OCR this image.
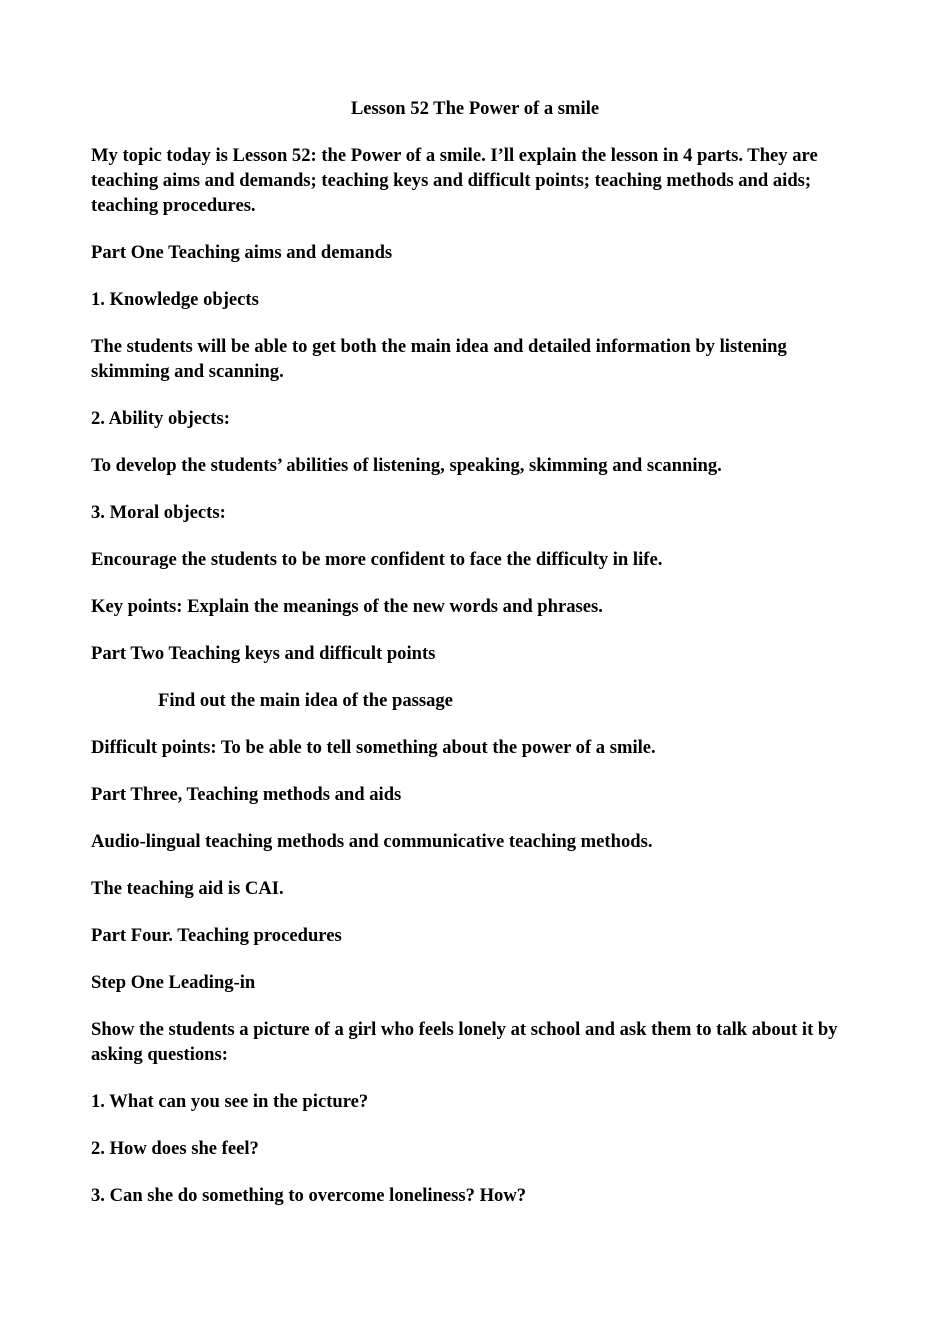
Lesson 52 The Power of a smile

My topic today is Lesson 52: the Power of a smile. I’ll explain the lesson in 4 parts. They are teaching aims and demands; teaching keys and difficult points; teaching methods and aids; teaching procedures.

Part One Teaching aims and demands

1. Knowledge objects

The students will be able to get both the main idea and detailed information by listening skimming and scanning.

2. Ability objects:

To develop the students’ abilities of listening, speaking, skimming and scanning.

3. Moral objects:

Encourage the students to be more confident to face the difficulty in life.

Key points: Explain the meanings of the new words and phrases.

Part Two Teaching keys and difficult points

Find out the main idea of the passage

Difficult points: To be able to tell something about the power of a smile.

Part Three, Teaching methods and aids

Audio-lingual teaching methods and communicative teaching methods.

The teaching aid is CAI.

Part Four. Teaching procedures

Step One Leading-in

Show the students a picture of a girl who feels lonely at school and ask them to talk about it by asking questions:

1. What can you see in the picture?

2. How does she feel?

3. Can she do something to overcome loneliness? How?
